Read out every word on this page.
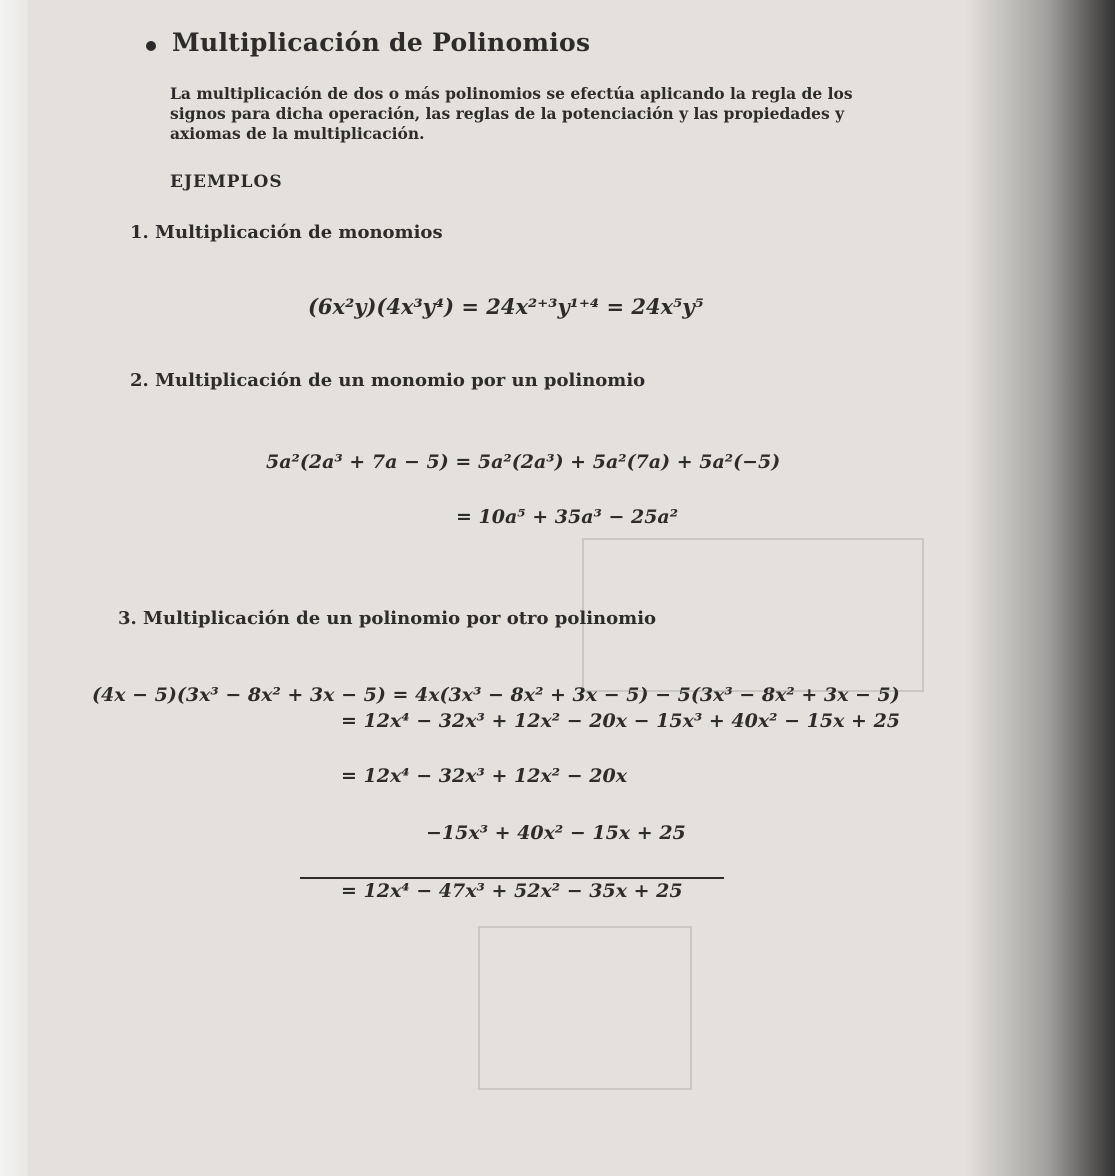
Multiplicación de Polinomios
La multiplicación de dos o más polinomios se efectúa aplicando la regla de los signos para dicha operación, las reglas de la potenciación y las propiedades y axiomas de la multiplicación.
EJEMPLOS
1. Multiplicación de monomios
(6x²y)(4x³y⁴) = 24x²⁺³y¹⁺⁴ = 24x⁵y⁵
2. Multiplicación de un monomio por un polinomio
5a²(2a³ + 7a − 5) = 5a²(2a³) + 5a²(7a) + 5a²(−5)
= 10a⁵ + 35a³ − 25a²
3. Multiplicación de un polinomio por otro polinomio
(4x − 5)(3x³ − 8x² + 3x − 5) = 4x(3x³ − 8x² + 3x − 5) − 5(3x³ − 8x² + 3x − 5)
= 12x⁴ − 32x³ + 12x² − 20x − 15x³ + 40x² − 15x + 25
= 12x⁴ − 32x³ + 12x² − 20x
−15x³ + 40x² − 15x + 25
= 12x⁴ − 47x³ + 52x² − 35x + 25
